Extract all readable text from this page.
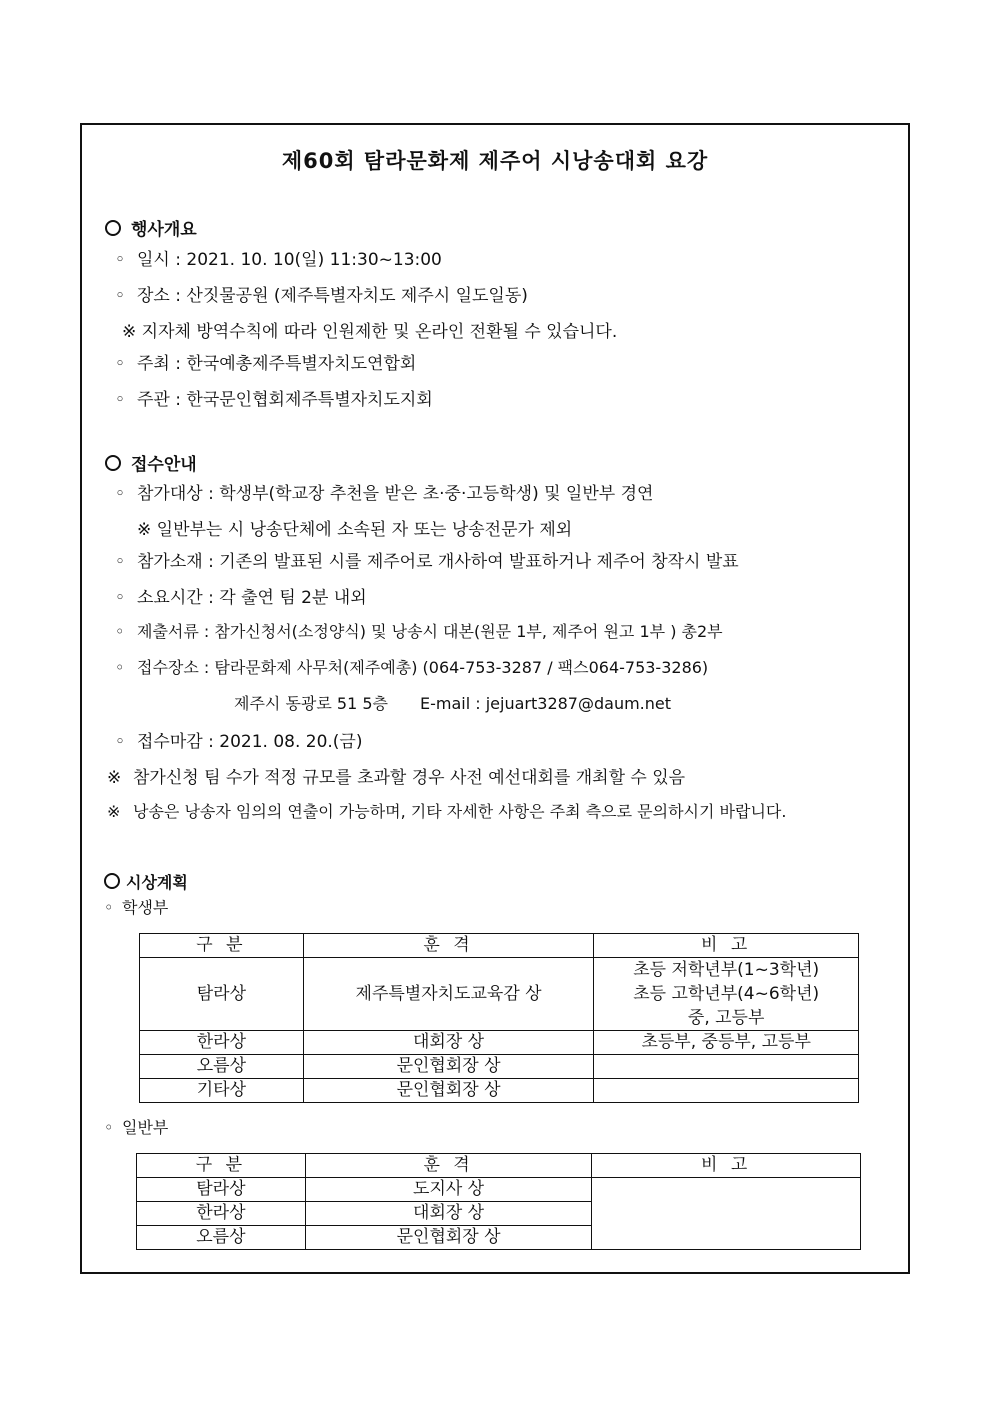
제60회 탐라문화제 제주어 시낭송대회 요강
행사개요
◦ 일시 : 2021. 10. 10(일) 11:30~13:00
◦ 장소 : 산짓물공원 (제주특별자치도 제주시 일도일동)
※ 지자체 방역수칙에 따라 인원제한 및 온라인 전환될 수 있습니다.
◦ 주최 : 한국예총제주특별자치도연합회
◦ 주관 : 한국문인협회제주특별자치도지회
접수안내
◦ 참가대상 : 학생부(학교장 추천을 받은 초·중·고등학생) 및 일반부 경연
※ 일반부는 시 낭송단체에 소속된 자 또는 낭송전문가 제외
◦ 참가소재 : 기존의 발표된 시를 제주어로 개사하여 발표하거나 제주어 창작시 발표
◦ 소요시간 : 각 출연 팀 2분 내외
◦ 제출서류 : 참가신청서(소정양식) 및 낭송시 대본(원문 1부, 제주어 원고 1부 ) 총2부
◦ 접수장소 : 탐라문화제 사무처(제주예총) (064-753-3287 / 팩스064-753-3286)
제주시 동광로 51 5층 E-mail : jejuart3287@daum.net
◦ 접수마감 : 2021. 08. 20.(금)
※ 참가신청 팀 수가 적정 규모를 초과할 경우 사전 예선대회를 개최할 수 있음
※ 낭송은 낭송자 임의의 연출이 가능하며, 기타 자세한 사항은 주최 측으로 문의하시기 바랍니다.
시상계획
◦ 학생부
구 분	훈 격	비 고
탐라상	제주특별자치도교육감 상	초등 저학년부(1~3학년)
초등 고학년부(4~6학년)
중, 고등부

한라상	대회장 상	초등부, 중등부, 고등부
오름상	문인협회장 상	
기타상	문인협회장 상	
◦ 일반부
구 분	훈 격	비 고
탐라상	도지사 상	
한라상	대회장 상	
오름상	문인협회장 상	
